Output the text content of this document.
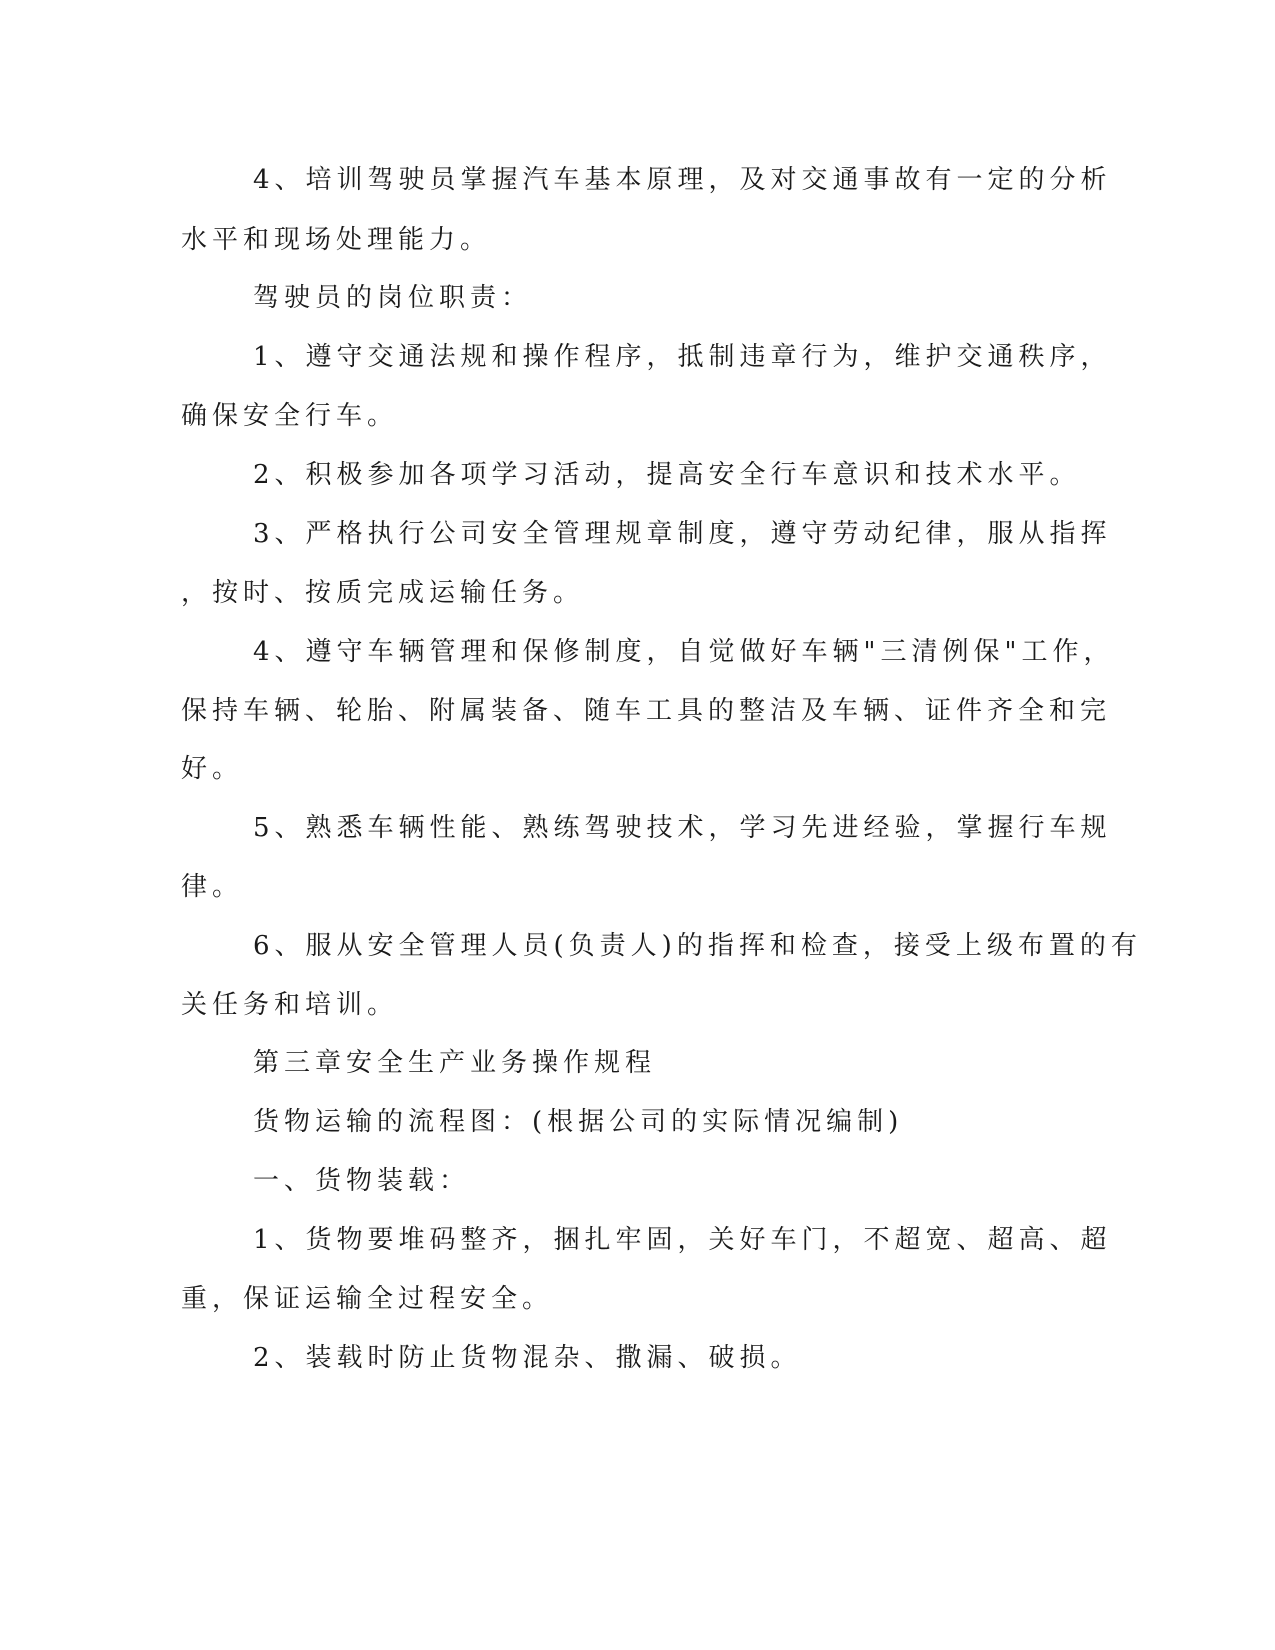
4、培训驾驶员掌握汽车基本原理，及对交通事故有一定的分析

水平和现场处理能力。

驾驶员的岗位职责：

1、遵守交通法规和操作程序，抵制违章行为，维护交通秩序，

确保安全行车。

2、积极参加各项学习活动，提高安全行车意识和技术水平。

3、严格执行公司安全管理规章制度，遵守劳动纪律，服从指挥

，按时、按质完成运输任务。

4、遵守车辆管理和保修制度，自觉做好车辆"三清例保"工作，

保持车辆、轮胎、附属装备、随车工具的整洁及车辆、证件齐全和完

好。

5、熟悉车辆性能、熟练驾驶技术，学习先进经验，掌握行车规

律。

6、服从安全管理人员(负责人)的指挥和检查，接受上级布置的有

关任务和培训。

第三章安全生产业务操作规程

货物运输的流程图：(根据公司的实际情况编制)

一、货物装载：

1、货物要堆码整齐，捆扎牢固，关好车门，不超宽、超高、超

重，保证运输全过程安全。

2、装载时防止货物混杂、撒漏、破损。
